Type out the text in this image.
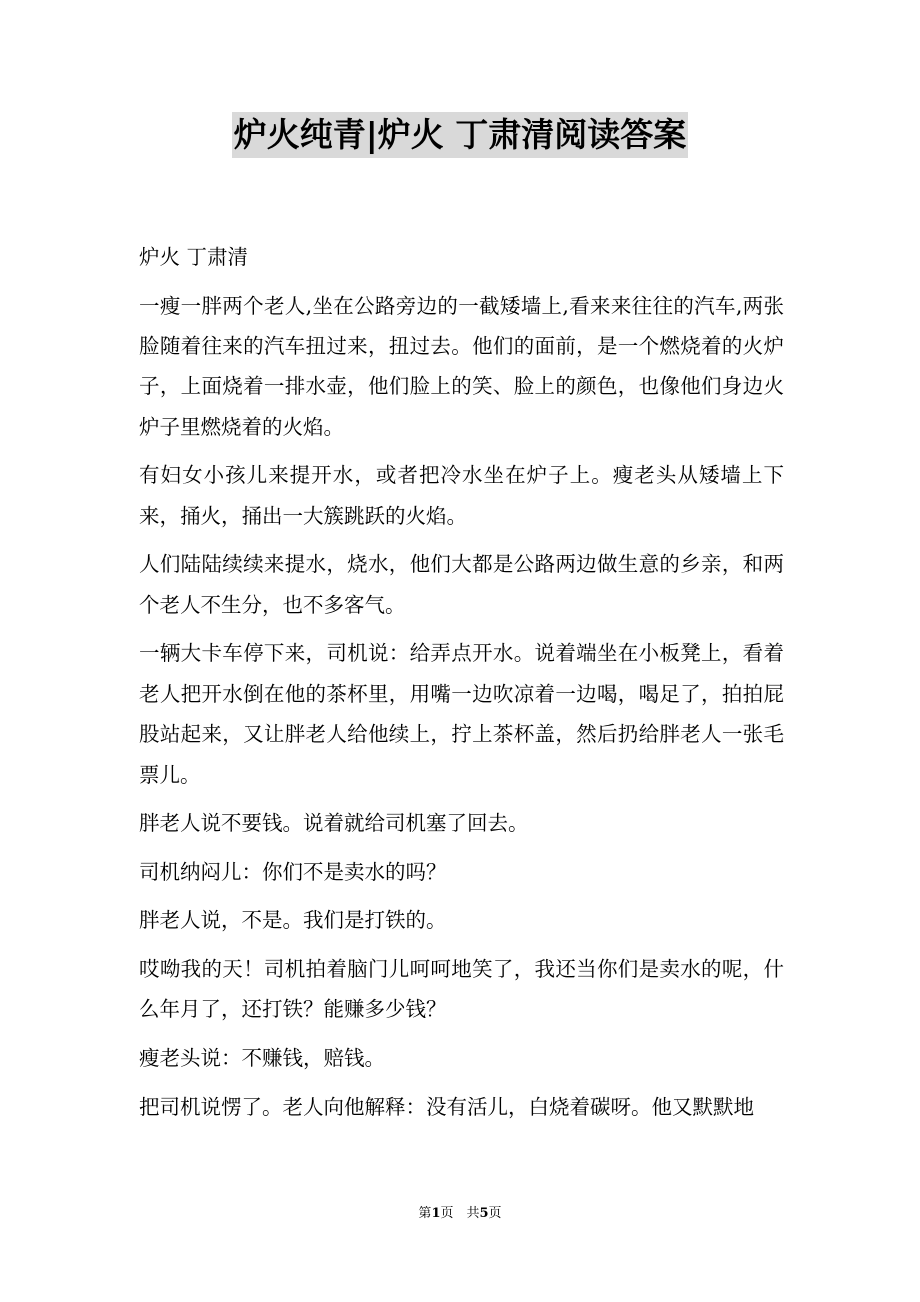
炉火纯青|炉火 丁肃清阅读答案

炉火 丁肃清

一瘦一胖两个老人,坐在公路旁边的一截矮墙上,看来来往往的汽车,两张脸随着往来的汽车扭过来，扭过去。他们的面前，是一个燃烧着的火炉子，上面烧着一排水壶，他们脸上的笑、脸上的颜色，也像他们身边火炉子里燃烧着的火焰。

有妇女小孩儿来提开水，或者把冷水坐在炉子上。瘦老头从矮墙上下来，捅火，捅出一大簇跳跃的火焰。

人们陆陆续续来提水，烧水，他们大都是公路两边做生意的乡亲，和两个老人不生分，也不多客气。

一辆大卡车停下来，司机说：给弄点开水。说着端坐在小板凳上，看着老人把开水倒在他的茶杯里，用嘴一边吹凉着一边喝，喝足了，拍拍屁股站起来，又让胖老人给他续上，拧上茶杯盖，然后扔给胖老人一张毛票儿。

胖老人说不要钱。说着就给司机塞了回去。

司机纳闷儿：你们不是卖水的吗？

胖老人说，不是。我们是打铁的。

哎呦我的天！司机拍着脑门儿呵呵地笑了，我还当你们是卖水的呢，什么年月了，还打铁？能赚多少钱？

瘦老头说：不赚钱，赔钱。

把司机说愣了。老人向他解释：没有活儿，白烧着碳呀。他又默默地

第1页　共5页
